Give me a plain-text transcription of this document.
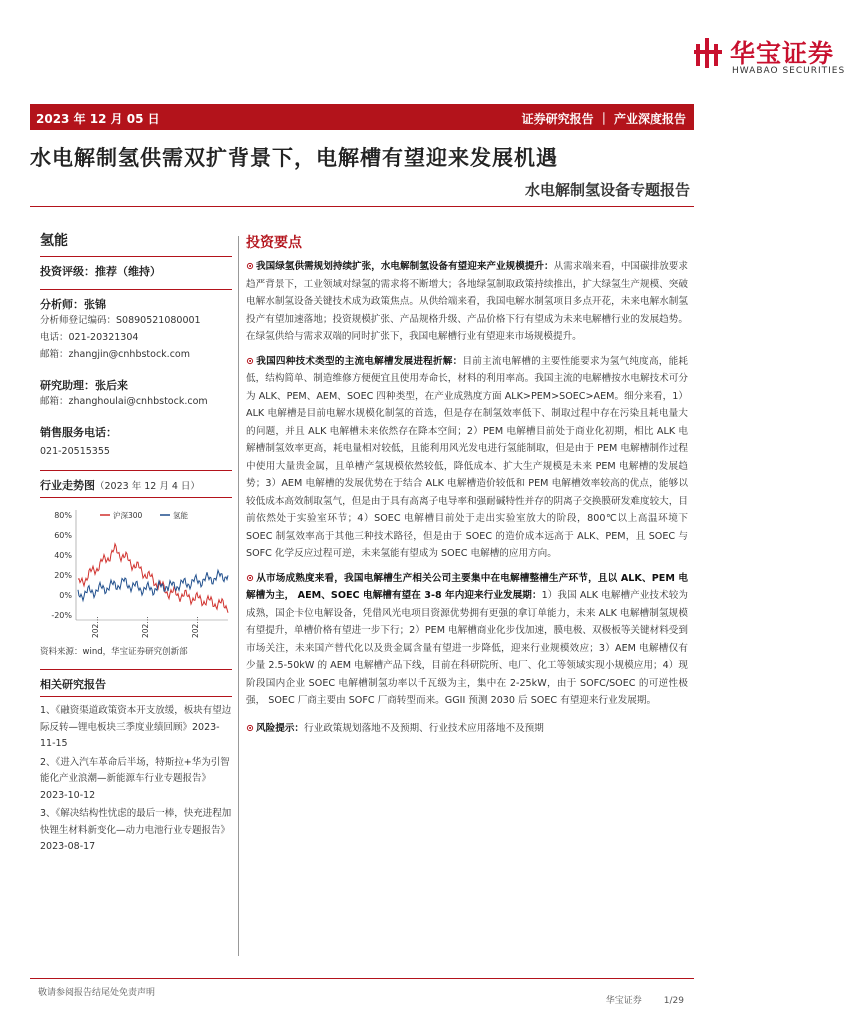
华宝证券
HWABAO SECURITIES
2023 年 12 月 05 日	证券研究报告 ｜ 产业深度报告
水电解制氢供需双扩背景下，电解槽有望迎来发展机遇
水电解制氢设备专题报告
氢能
投资评级：推荐（维持）
分析师：张锦
分析师登记编码：S0890521080001
电话：021-20321304
邮箱：zhangjin@cnhbstock.com
研究助理：张后来
邮箱：zhanghoulai@cnhbstock.com
销售服务电话：
021-20515355
行业走势图（2023 年 12 月 4 日）
80%
60%
40%
20%
0%
-20%
沪深300	氢能
202…	202…	202…
资料来源：wind，华宝证券研究创新部
相关研究报告
1、《融资渠道政策资本开支放缓，板块有望边际反转—锂电板块三季度业绩回顾》2023-11-15
2、《进入汽车革命后半场，特斯拉+华为引智能化产业浪潮—新能源车行业专题报告》2023-10-12
3、《解决结构性忧虑的最后一棒，快充进程加快锂生材料新变化—动力电池行业专题报告》2023-08-17
投资要点
⊙ 我国绿氢供需规划持续扩张，水电解制氢设备有望迎来产业规模提升：从需求端来看，中国碳排放要求趋严背景下，工业领域对绿氢的需求将不断增大；各地绿氢制取政策持续推出，扩大绿氢生产规模、突破电解水制氢设备关键技术成为政策焦点。从供给端来看，我国电解水制氢项目多点开花，未来电解水制氢投产有望加速落地；投资规模扩张、产品规格升级、产品价格下行有望成为未来电解槽行业的发展趋势。在绿氢供给与需求双端的同时扩张下，我国电解槽行业有望迎来市场规模提升。
⊙ 我国四种技术类型的主流电解槽发展进程折解：目前主流电解槽的主要性能要求为氢气纯度高，能耗低，结构简单、制造维修方便便宜且使用寿命长，材料的利用率高。我国主流的电解槽按水电解技术可分为 ALK、PEM、AEM、SOEC 四种类型，在产业成熟度方面 ALK>PEM>SOEC>AEM。细分来看，1）ALK 电解槽是目前电解水规模化制氢的首选，但是存在制氢效率低下、制取过程中存在污染且耗电量大的问题，并且 ALK 电解槽未来依然存在降本空间；2）PEM 电解槽目前处于商业化初期，相比 ALK 电解槽制氢效率更高，耗电量相对较低，且能利用风光发电进行氢能制取，但是由于 PEM 电解槽制作过程中使用大量贵金属，且单槽产氢规模依然较低，降低成本、扩大生产规模是未来 PEM 电解槽的发展趋势；3）AEM 电解槽的发展优势在于结合 ALK 电解槽造价较低和 PEM 电解槽效率较高的优点，能够以较低成本高效制取氢气，但是由于具有高离子电导率和强耐碱特性并存的阴离子交换膜研发难度较大，目前依然处于实验室环节；4）SOEC 电解槽目前处于走出实验室放大的阶段，800℃以上高温环境下 SOEC 制氢效率高于其他三种技术路径，但是由于 SOEC 的造价成本远高于 ALK、PEM，且 SOEC 与 SOFC 化学反应过程可逆，未来氢能有望成为 SOEC 电解槽的应用方向。
⊙ 从市场成熟度来看，我国电解槽生产相关公司主要集中在电解槽整槽生产环节，且以 ALK、PEM 电解槽为主， AEM、SOEC 电解槽有望在 3-8 年内迎来行业发展期：1）我国 ALK 电解槽产业技术较为成熟，国企卡位电解设备，凭借风光电项目资源优势拥有更强的拿订单能力，未来 ALK 电解槽制氢规模有望提升，单槽价格有望进一步下行；2）PEM 电解槽商业化步伐加速，膜电极、双极板等关键材料受到市场关注，未来国产替代化以及贵金属含量有望进一步降低，迎来行业规模效应；3）AEM 电解槽仅有少量 2.5-50kW 的 AEM 电解槽产品下线，目前在科研院所、电厂、化工等领域实现小规模应用；4）现阶段国内企业 SOEC 电解槽制氢功率以千瓦级为主，集中在 2-25kW，由于 SOFC/SOEC 的可逆性极强， SOEC 厂商主要由 SOFC 厂商转型而来。GGII 预测 2030 后 SOEC 有望迎来行业发展期。
⊙ 风险提示：行业政策规划落地不及预期、行业技术应用落地不及预期
敬请参阅报告结尾处免责声明
华宝证券 1/29
